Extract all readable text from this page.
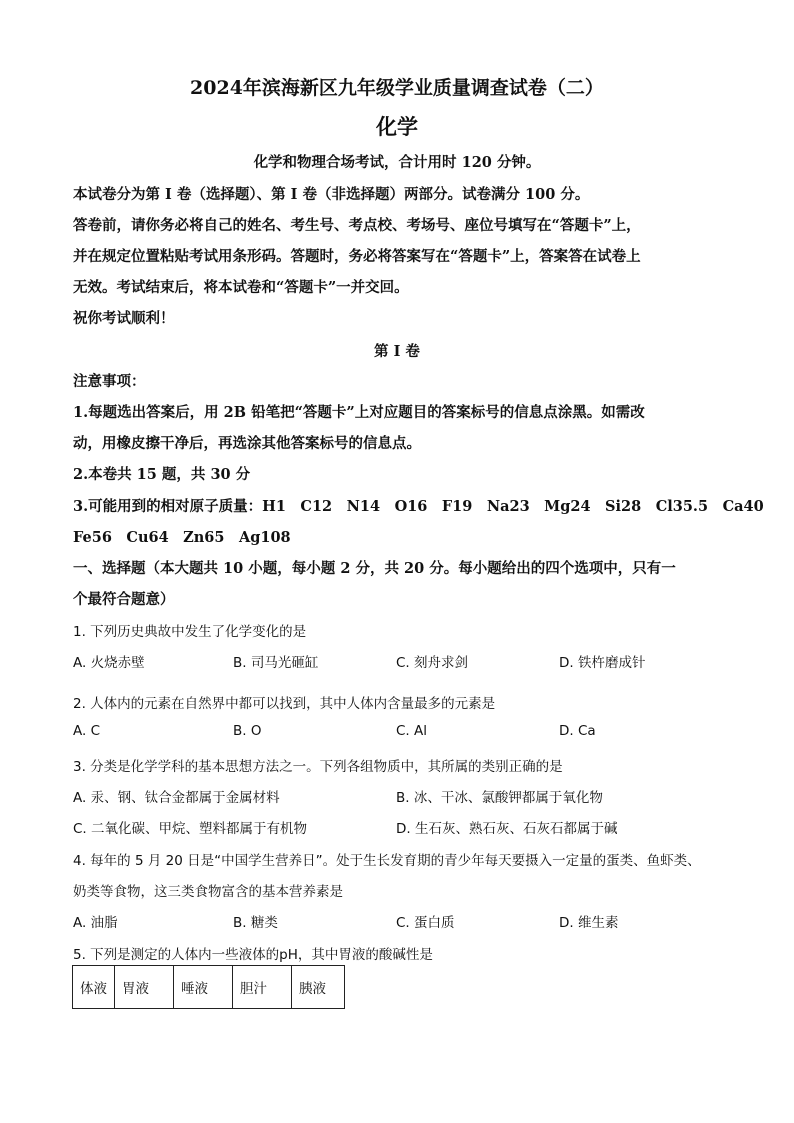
2024年滨海新区九年级学业质量调查试卷（二）
化学
化学和物理合场考试，合计用时 120 分钟。
本试卷分为第 I 卷（选择题）、第 I 卷（非选择题）两部分。试卷满分 100 分。
答卷前，请你务必将自己的姓名、考生号、考点校、考场号、座位号填写在“答题卡”上，
并在规定位置粘贴考试用条形码。答题时，务必将答案写在“答题卡”上，答案答在试卷上
无效。考试结束后，将本试卷和“答题卡”一并交回。
祝你考试顺利！
第 I 卷
注意事项：
1.每题选出答案后，用 2B 铅笔把“答题卡”上对应题目的答案标号的信息点涂黑。如需改
动，用橡皮擦干净后，再选涂其他答案标号的信息点。
2.本卷共 15 题，共 30 分
3.可能用到的相对原子质量：H1　C12　N14　O16　F19　Na23　Mg24　Si28　Cl35.5　Ca40
Fe56　Cu64　Zn65　Ag108
一、选择题（本大题共 10 小题，每小题 2 分，共 20 分。每小题给出的四个选项中，只有一
个最符合题意）
1. 下列历史典故中发生了化学变化的是
A. 火烧赤壁	B. 司马光砸缸	C. 刻舟求剑	D. 铁杵磨成针
2. 人体内的元素在自然界中都可以找到，其中人体内含量最多的元素是
A. C	B. O	C. Al	D. Ca
3. 分类是化学学科的基本思想方法之一。下列各组物质中，其所属的类别正确的是
A. 汞、钢、钛合金都属于金属材料	B. 冰、干冰、氯酸钾都属于氧化物
C. 二氧化碳、甲烷、塑料都属于有机物	D. 生石灰、熟石灰、石灰石都属于碱
4. 每年的 5 月 20 日是“中国学生营养日”。处于生长发育期的青少年每天要摄入一定量的蛋类、鱼虾类、
奶类等食物，这三类食物富含的基本营养素是
A. 油脂	B. 糖类	C. 蛋白质	D. 维生素
5. 下列是测定的人体内一些液体的pH，其中胃液的酸碱性是
体液	胃液	唾液	胆汁	胰液
